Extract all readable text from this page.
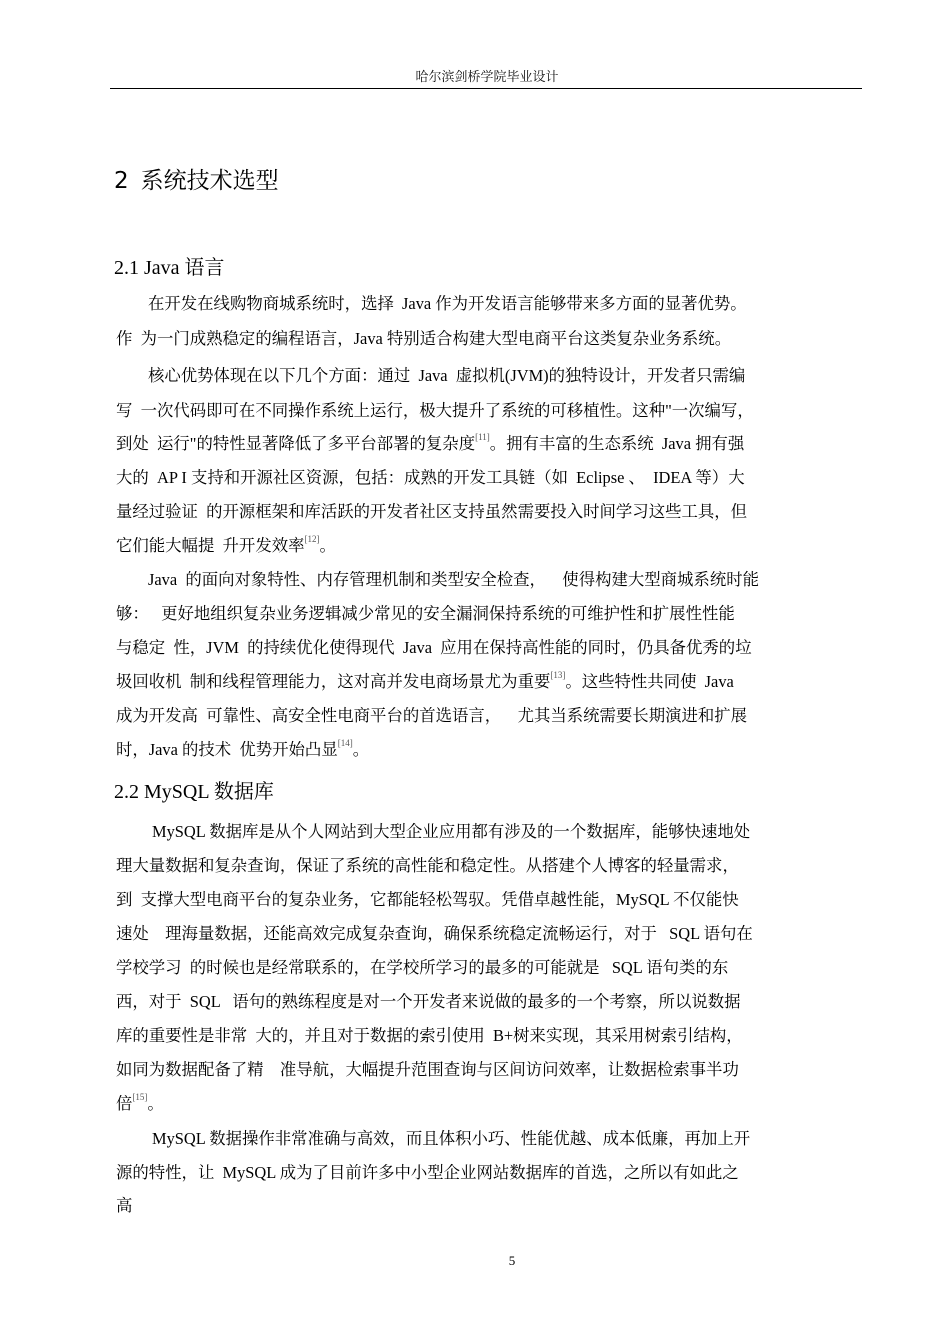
哈尔滨剑桥学院毕业设计
2 系统技术选型
2.1 Java 语言
在开发在线购物商城系统时，选择  Java 作为开发语言能够带来多方面的显著优势。
作  为一门成熟稳定的编程语言，Java 特别适合构建大型电商平台这类复杂业务系统。
核心优势体现在以下几个方面：通过  Java  虚拟机(JVM)的独特设计，开发者只需编
写  一次代码即可在不同操作系统上运行，极大提升了系统的可移植性。这种"一次编写，
到处  运行"的特性显著降低了多平台部署的复杂度[11]。拥有丰富的生态系统  Java 拥有强
大的  AP I 支持和开源社区资源，包括：成熟的开发工具链（如  Eclipse 、  IDEA 等）大
量经过验证  的开源框架和库活跃的开发者社区支持虽然需要投入时间学习这些工具，但
它们能大幅提  升开发效率[12]。
Java  的面向对象特性、内存管理机制和类型安全检查，    使得构建大型商城系统时能
够：   更好地组织复杂业务逻辑减少常见的安全漏洞保持系统的可维护性和扩展性性能
与稳定  性，JVM  的持续优化使得现代  Java  应用在保持高性能的同时，仍具备优秀的垃
圾回收机  制和线程管理能力，这对高并发电商场景尤为重要[13]。这些特性共同使  Java
成为开发高  可靠性、高安全性电商平台的首选语言，    尤其当系统需要长期演进和扩展
时，Java 的技术  优势开始凸显[14]。
2.2 MySQL 数据库
MySQL 数据库是从个人网站到大型企业应用都有涉及的一个数据库，能够快速地处
理大量数据和复杂查询，保证了系统的高性能和稳定性。从搭建个人博客的轻量需求，
到  支撑大型电商平台的复杂业务，它都能轻松驾驭。凭借卓越性能，MySQL 不仅能快
速处    理海量数据，还能高效完成复杂查询，确保系统稳定流畅运行，对于   SQL 语句在
学校学习  的时候也是经常联系的，在学校所学习的最多的可能就是   SQL 语句类的东
西，对于  SQL   语句的熟练程度是对一个开发者来说做的最多的一个考察，所以说数据
库的重要性是非常  大的，并且对于数据的索引使用  B+树来实现，其采用树索引结构，
如同为数据配备了精    准导航，大幅提升范围查询与区间访问效率，让数据检索事半功
倍[15]。
MySQL 数据操作非常准确与高效，而且体积小巧、性能优越、成本低廉，再加上开
源的特性，让  MySQL 成为了目前许多中小型企业网站数据库的首选，之所以有如此之
高
5
